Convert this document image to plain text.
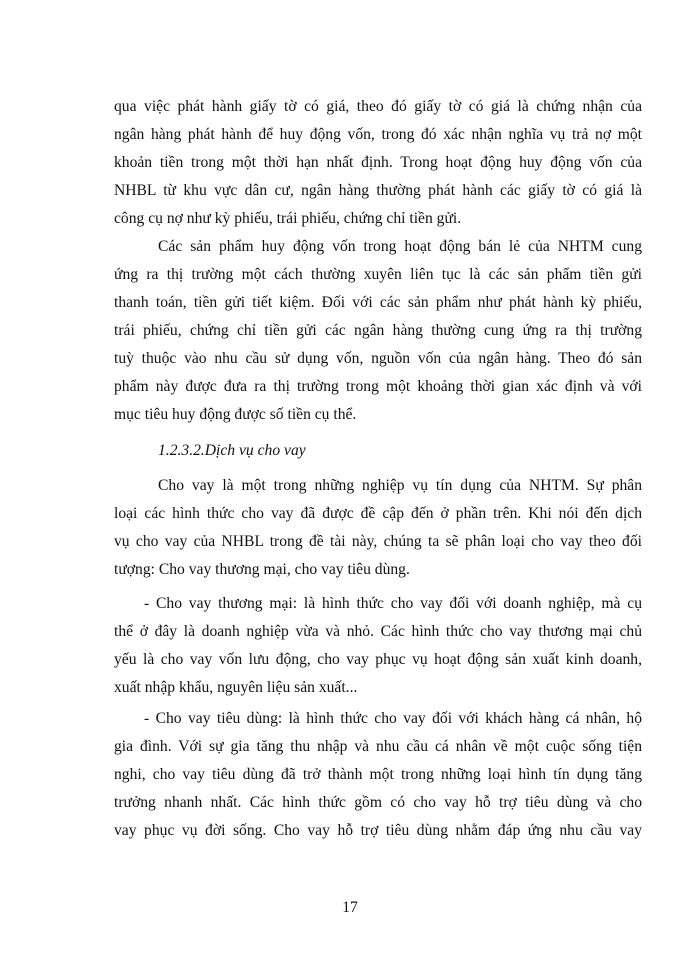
qua việc phát hành giấy tờ có giá, theo đó giấy tờ có giá là chứng nhận của
ngân hàng phát hành để huy động vốn, trong đó xác nhận nghĩa vụ trả nợ một
khoản tiền trong một thời hạn nhất định. Trong hoạt động huy động vốn của
NHBL từ khu vực dân cư, ngân hàng thường phát hành các giấy tờ có giá là
công cụ nợ như kỳ phiếu, trái phiếu, chứng chỉ tiền gửi.
Các sản phẩm huy động vốn trong hoạt động bán lẻ của NHTM cung
ứng ra thị trường một cách thường xuyên liên tục là các sản phẩm tiền gửi
thanh toán, tiền gửi tiết kiệm. Đối với các sản phẩm như phát hành kỳ phiếu,
trái phiếu, chứng chỉ tiền gửi các ngân hàng thường cung ứng ra thị trường
tuỳ thuộc vào nhu cầu sử dụng vốn, nguồn vốn của ngân hàng. Theo đó sản
phẩm này được đưa ra thị trường trong một khoảng thời gian xác định và với
mục tiêu huy động được số tiền cụ thể.
1.2.3.2.Dịch vụ cho vay
Cho vay là một trong những nghiệp vụ tín dụng của NHTM. Sự phân
loại các hình thức cho vay đã được đề cập đến ở phần trên. Khi nói đến dịch
vụ cho vay của NHBL trong đề tài này, chúng ta sẽ phân loại cho vay theo đối
tượng: Cho vay thương mại, cho vay tiêu dùng.
- Cho vay thương mại: là hình thức cho vay đối với doanh nghiệp, mà cụ
thể ở đây là doanh nghiệp vừa và nhỏ. Các hình thức cho vay thương mại chủ
yếu là cho vay vốn lưu động, cho vay phục vụ hoạt động sản xuất kinh doanh,
xuất nhập khẩu, nguyên liệu sản xuất...
- Cho vay tiêu dùng: là hình thức cho vay đối với khách hàng cá nhân, hộ
gia đình. Với sự gia tăng thu nhập và nhu cầu cá nhân về một cuộc sống tiện
nghi, cho vay tiêu dùng đã trở thành một trong những loại hình tín dụng tăng
trưởng nhanh nhất. Các hình thức gồm có cho vay hỗ trợ tiêu dùng và cho
vay phục vụ đời sống. Cho vay hỗ trợ tiêu dùng nhằm đáp ứng nhu cầu vay
17
